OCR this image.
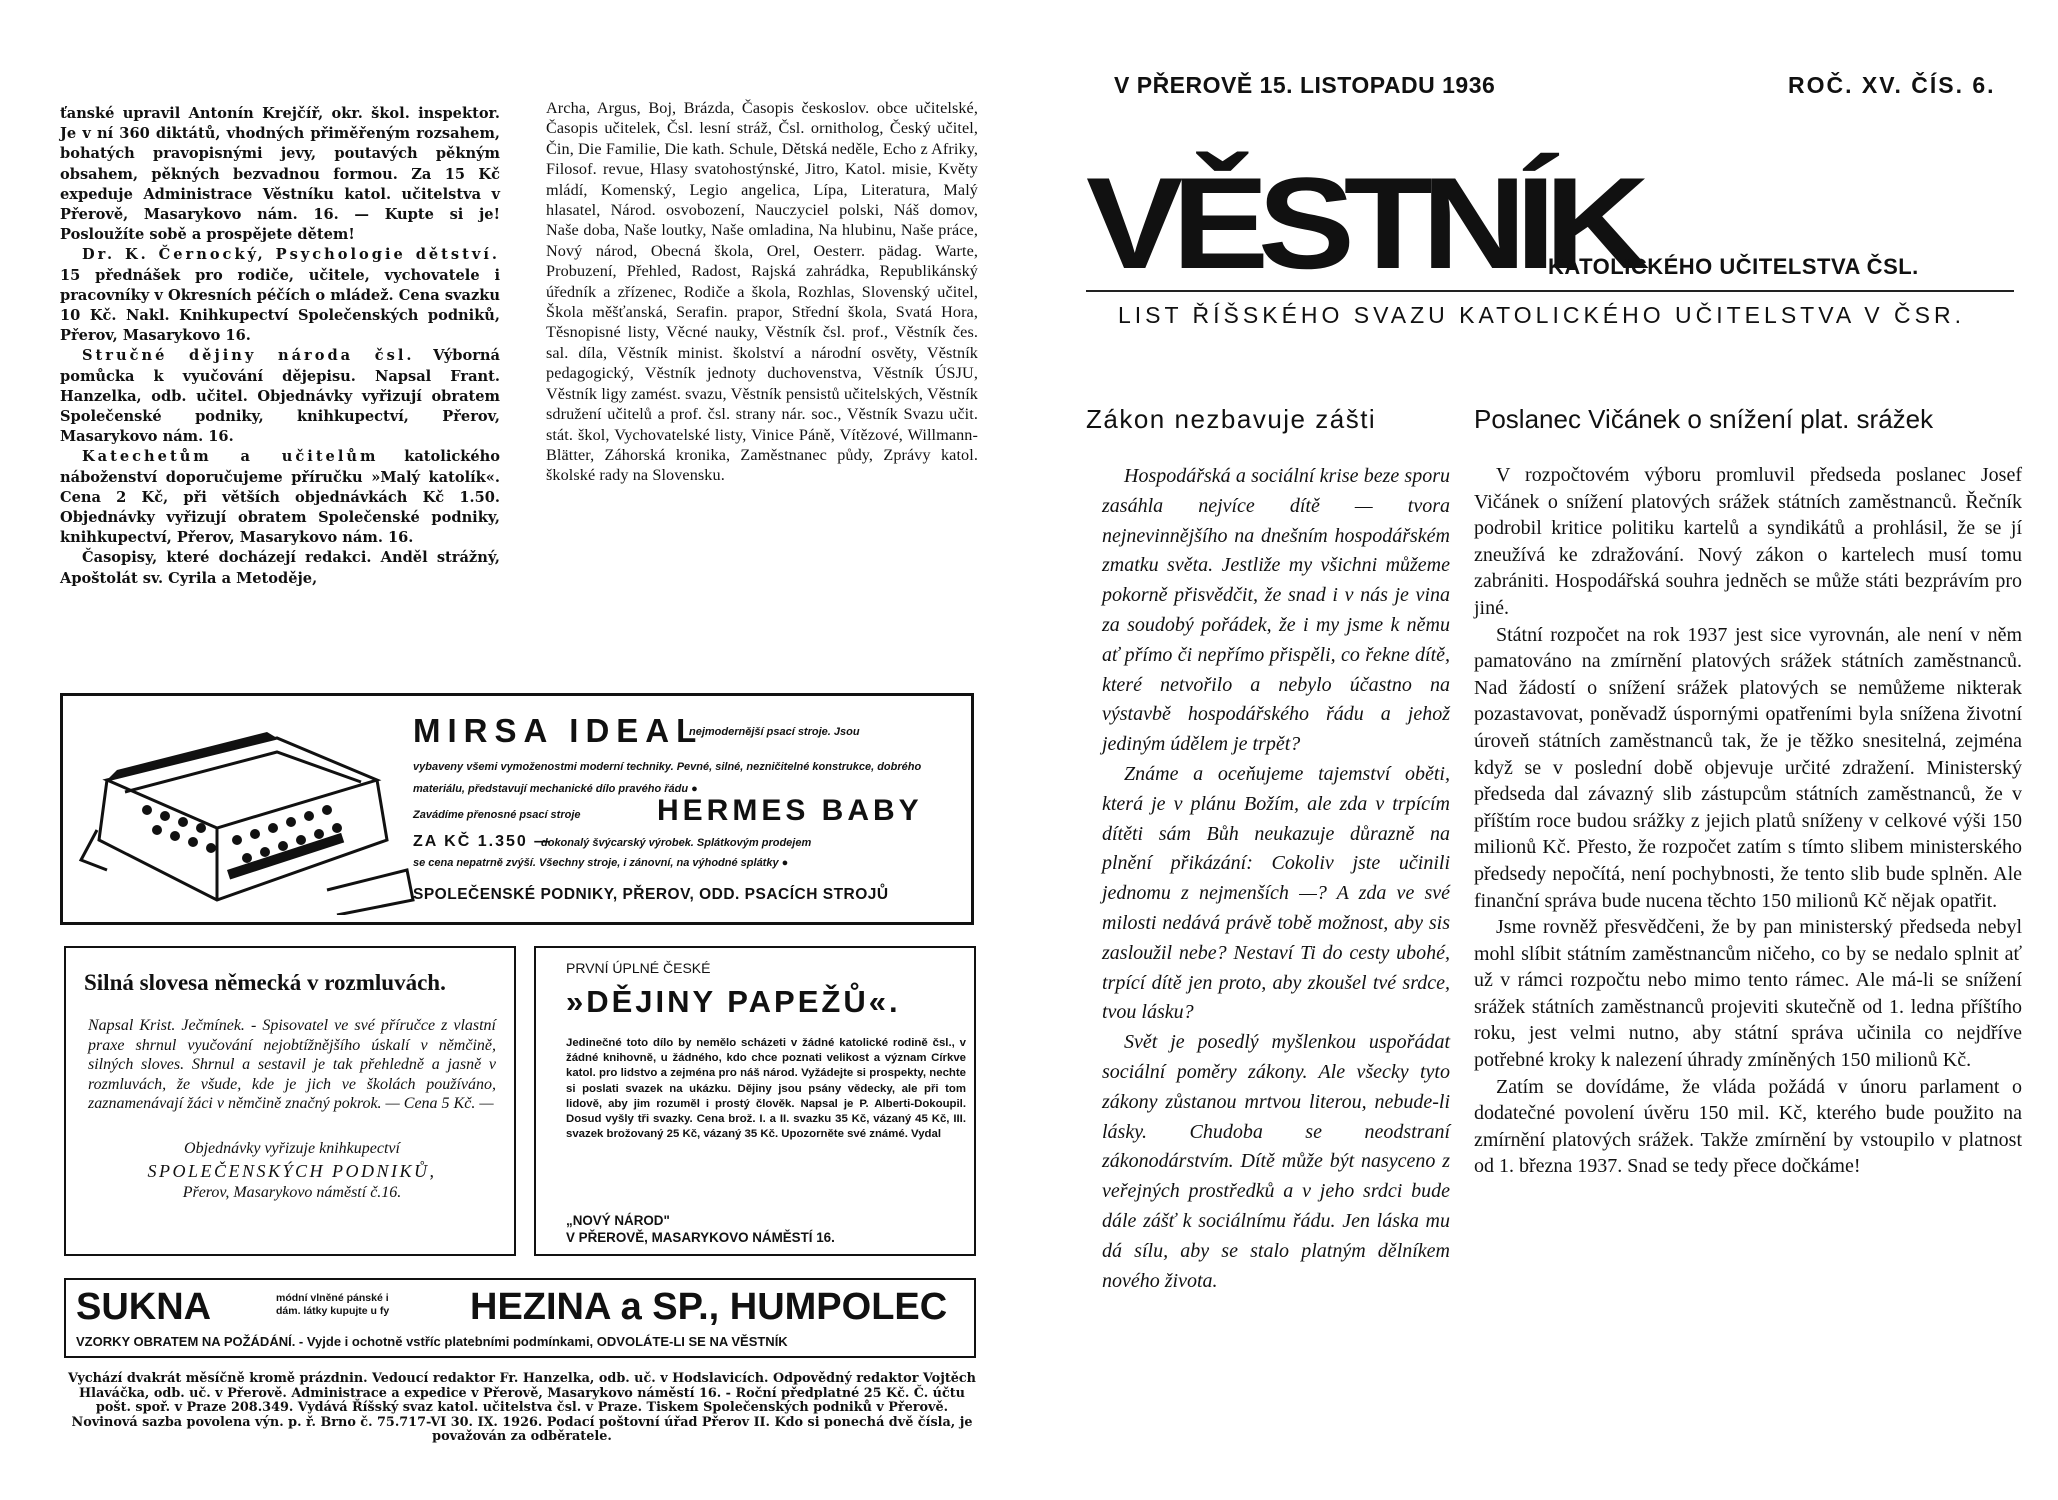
ťanské upravil Antonín Krejčíř, okr. škol. inspektor. Je v ní 360 diktátů, vhodných přiměřeným rozsahem, bohatých pravopisnými jevy, poutavých pěkným obsahem, pěkných bezvadnou formou. Za 15 Kč expeduje Administrace Věstníku katol. učitelstva v Přerově, Masarykovo nám. 16. — Kupte si je! Posloužíte sobě a prospějete dětem!

Dr. K. Černocký, Psychologie dětství. 15 přednášek pro rodiče, učitele, vychovatele i pracovníky v Okresních péčích o mládež. Cena svazku 10 Kč. Nakl. Knihkupectví Společenských podniků, Přerov, Masarykovo 16.

Stručné dějiny národa čsl. Výborná pomůcka k vyučování dějepisu. Napsal Frant. Hanzelka, odb. učitel. Objednávky vyřizují obratem Společenské podniky, knihkupectví, Přerov, Masarykovo nám. 16.

Katechetům a učitelům katolického náboženství doporučujeme příručku »Malý katolík«. Cena 2 Kč, při větších objednávkách Kč 1.50. Objednávky vyřizují obratem Společenské podniky, knihkupectví, Přerov, Masarykovo nám. 16.

Časopisy, které docházejí redakci. Anděl strážný, Apoštolát sv. Cyrila a Metoděje,

Archa, Argus, Boj, Brázda, Časopis českoslov. obce učitelské, Časopis učitelek, Čsl. lesní stráž, Čsl. ornitholog, Český učitel, Čin, Die Familie, Die kath. Schule, Dětská neděle, Echo z Afriky, Filosof. revue, Hlasy svatohostýnské, Jitro, Katol. misie, Květy mládí, Komenský, Legio angelica, Lípa, Literatura, Malý hlasatel, Národ. osvobození, Nauczyciel polski, Náš domov, Naše doba, Naše loutky, Naše omladina, Na hlubinu, Naše práce, Nový národ, Obecná škola, Orel, Oesterr. pädag. Warte, Probuzení, Přehled, Radost, Rajská zahrádka, Republikánský úředník a zřízenec, Rodiče a škola, Rozhlas, Slovenský učitel, Škola měšťanská, Serafin. prapor, Střední škola, Svatá Hora, Těsnopisné listy, Věcné nauky, Věstník čsl. prof., Věstník čes. sal. díla, Věstník minist. školství a národní osvěty, Věstník pedagogický, Věstník jednoty duchovenstva, Věstník ÚSJU, Věstník ligy zamést. svazu, Věstník pensistů učitelských, Věstník sdružení učitelů a prof. čsl. strany nár. soc., Věstník Svazu učit. stát. škol, Vychovatelské listy, Vinice Páně, Vítězové, Willmann-Blätter, Záhorská kronika, Zaměstnanec půdy, Zprávy katol. školské rady na Slovensku.

MIRSA IDEAL
nejmodernější psací stroje. Jsou
vybaveny všemi vymoženostmi moderní techniky. Pevné, silné, nezničitelné konstrukce, dobrého materiálu, představují mechanické dílo pravého řádu ●
Zavádíme přenosné psací stroje	HERMES BABY
ZA KČ 1.350 —
dokonalý švýcarský výrobek. Splátkovým prodejem
se cena nepatrně zvýší. Všechny stroje, i zánovní, na výhodné splátky ●
SPOLEČENSKÉ PODNIKY, PŘEROV, ODD. PSACÍCH STROJŮ
Silná slovesa německá v rozmluvách.
Napsal Krist. Ječmínek. - Spisovatel ve své příručce z vlastní praxe shrnul vyučování nejobtížnějšího úskalí v němčině, silných sloves. Shrnul a sestavil je tak přehledně a jasně v rozmluvách, že všude, kde je jich ve školách používáno, zaznamenávají žáci v němčině značný pokrok. — Cena 5 Kč. —
Objednávky vyřizuje knihkupectví
SPOLEČENSKÝCH PODNIKŮ,
Přerov, Masarykovo náměstí č.16.
PRVNÍ ÚPLNÉ ČESKÉ
»DĚJINY PAPEŽŮ«.
Jedinečné toto dílo by nemělo scházeti v žádné katolické rodině čsl., v žádné knihovně, u žádného, kdo chce poznati velikost a význam Církve katol. pro lidstvo a zejména pro náš národ. Vyžádejte si prospekty, nechte si poslati svazek na ukázku. Dějiny jsou psány vědecky, ale při tom lidově, aby jim rozuměl i prostý člověk. Napsal je P. Alberti-Dokoupil. Dosud vyšly tři svazky. Cena brož. I. a II. svazku 35 Kč, vázaný 45 Kč, III. svazek brožovaný 25 Kč, vázaný 35 Kč. Upozorněte své známé. Vydal
„NOVÝ NÁROD"
V PŘEROVĚ, MASARYKOVO NÁMĚSTÍ 16.
SUKNA	módní vlněné pánské i
dám. látky kupujte u fy HEZINA a SP., HUMPOLEC
VZORKY OBRATEM NA POŽÁDÁNÍ. - Vyjde i ochotně vstříc platebními podmínkami, ODVOLÁTE-LI SE NA VĚSTNÍK
Vychází dvakrát měsíčně kromě prázdnin. Vedoucí redaktor Fr. Hanzelka, odb. uč. v Hodslavicích. Odpovědný redaktor Vojtěch Hlaváčka, odb. uč. v Přerově. Administrace a expedice v Přerově, Masarykovo náměstí 16. - Roční předplatné 25 Kč. Č. účtu pošt. spoř. v Praze 208.349. Vydává Říšský svaz katol. učitelstva čsl. v Praze. Tiskem Společenských podniků v Přerově. Novinová sazba povolena výn. p. ř. Brno č. 75.717-VI 30. IX. 1926. Podací poštovní úřad Přerov II. Kdo si ponechá dvě čísla, je považován za odběratele.
V PŘEROVĚ 15. LISTOPADU 1936	ROČ. XV. ČÍS. 6.
VĚSTNÍK
KATOLICKÉHO UČITELSTVA ČSL.
LIST ŘÍŠSKÉHO SVAZU KATOLICKÉHO UČITELSTVA V ČSR.
Zákon nezbavuje zášti	Poslanec Vičánek o snížení plat. srážek

Hospodářská a sociální krise beze sporu zasáhla nejvíce dítě — tvora nejnevinnějšího na dnešním hospodářském zmatku světa. Jestliže my všichni můžeme pokorně přisvědčit, že snad i v nás je vina za soudobý pořádek, že i my jsme k němu ať přímo či nepřímo přispěli, co řekne dítě, které netvořilo a nebylo účastno na výstavbě hospodářského řádu a jehož jediným údělem je trpět?

Známe a oceňujeme tajemství oběti, která je v plánu Božím, ale zda v trpícím dítěti sám Bůh neukazuje důrazně na plnění přikázání: Cokoliv jste učinili jednomu z nejmenších —? A zda ve své milosti nedává právě tobě možnost, aby sis zasloužil nebe? Nestaví Ti do cesty ubohé, trpící dítě jen proto, aby zkoušel tvé srdce, tvou lásku?

Svět je posedlý myšlenkou uspořádat sociální poměry zákony. Ale všecky tyto zákony zůstanou mrtvou literou, nebude-li lásky. Chudoba se neodstraní zákonodárstvím. Dítě může být nasyceno z veřejných prostředků a v jeho srdci bude dále zášť k sociálnímu řádu. Jen láska mu dá sílu, aby se stalo platným dělníkem nového života.

V rozpočtovém výboru promluvil předseda poslanec Josef Vičánek o snížení platových srážek státních zaměstnanců. Řečník podrobil kritice politiku kartelů a syndikátů a prohlásil, že se jí zneužívá ke zdražování. Nový zákon o kartelech musí tomu zabrániti. Hospodářská souhra jedněch se může státi bezprávím pro jiné.

Státní rozpočet na rok 1937 jest sice vyrovnán, ale není v něm pamatováno na zmírnění platových srážek státních zaměstnanců. Nad žádostí o snížení srážek platových se nemůžeme nikterak pozastavovat, poněvadž úspornými opatřeními byla snížena životní úroveň státních zaměstnanců tak, že je těžko snesitelná, zejména když se v poslední době objevuje určité zdražení. Ministerský předseda dal závazný slib zástupcům státních zaměstnanců, že v příštím roce budou srážky z jejich platů sníženy v celkové výši 150 milionů Kč. Přesto, že rozpočet zatím s tímto slibem ministerského předsedy nepočítá, není pochybnosti, že tento slib bude splněn. Ale finanční správa bude nucena těchto 150 milionů Kč nějak opatřit.

Jsme rovněž přesvědčeni, že by pan ministerský předseda nebyl mohl slíbit státním zaměstnancům ničeho, co by se nedalo splnit ať už v rámci rozpočtu nebo mimo tento rámec. Ale má-li se snížení srážek státních zaměstnanců projeviti skutečně od 1. ledna příštího roku, jest velmi nutno, aby státní správa učinila co nejdříve potřebné kroky k nalezení úhrady zmíněných 150 milionů Kč.

Zatím se dovídáme, že vláda požádá v únoru parlament o dodatečné povolení úvěru 150 mil. Kč, kterého bude použito na zmírnění platových srážek. Takže zmírnění by vstoupilo v platnost od 1. března 1937. Snad se tedy přece dočkáme!
